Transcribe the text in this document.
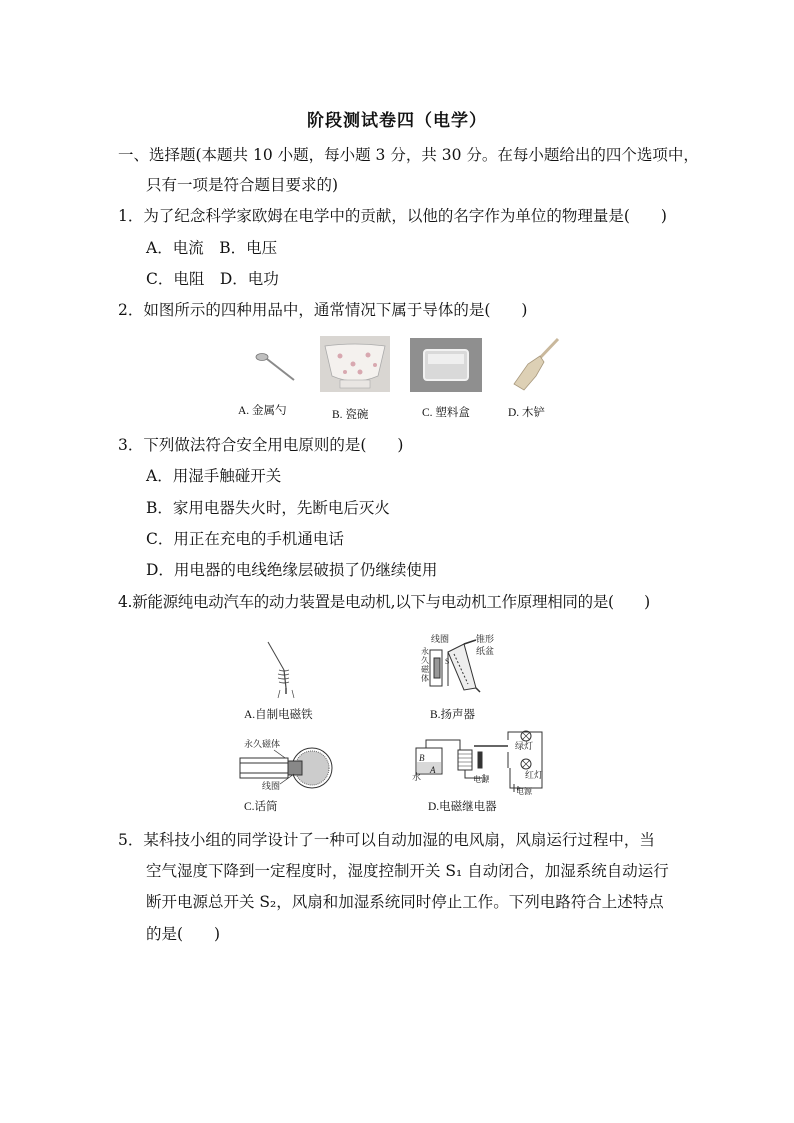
阶段测试卷四（电学）
一、选择题(本题共 10 小题，每小题 3 分，共 30 分。在每小题给出的四个选项中，
只有一项是符合题目要求的)
1．为了纪念科学家欧姆在电学中的贡献，以他的名字作为单位的物理量是(　　)
A．电流　B．电压
C．电阻　D．电功
2．如图所示的四种用品中，通常情况下属于导体的是(　　)
A. 金属勺	B. 瓷碗	C. 塑料盒	D. 木铲
3．下列做法符合安全用电原则的是(　　)
A．用湿手触碰开关
B．家用电器失火时，先断电后灭火
C．用正在充电的手机通电话
D．用电器的电线绝缘层破损了仍继续使用
4.新能源纯电动汽车的动力装置是电动机,以下与电动机工作原理相同的是(　　)
线圈	锥形
纸盆
永
久
磁
体
S
永久磁体
线圈
水
B
A
电源
绿灯
红灯
电源
A.自制电磁铁	B.扬声器
C.话筒	D.电磁继电器
5．某科技小组的同学设计了一种可以自动加湿的电风扇，风扇运行过程中，当
空气湿度下降到一定程度时，湿度控制开关 S₁ 自动闭合，加湿系统自动运行
断开电源总开关 S₂，风扇和加湿系统同时停止工作。下列电路符合上述特点
的是(　　)
